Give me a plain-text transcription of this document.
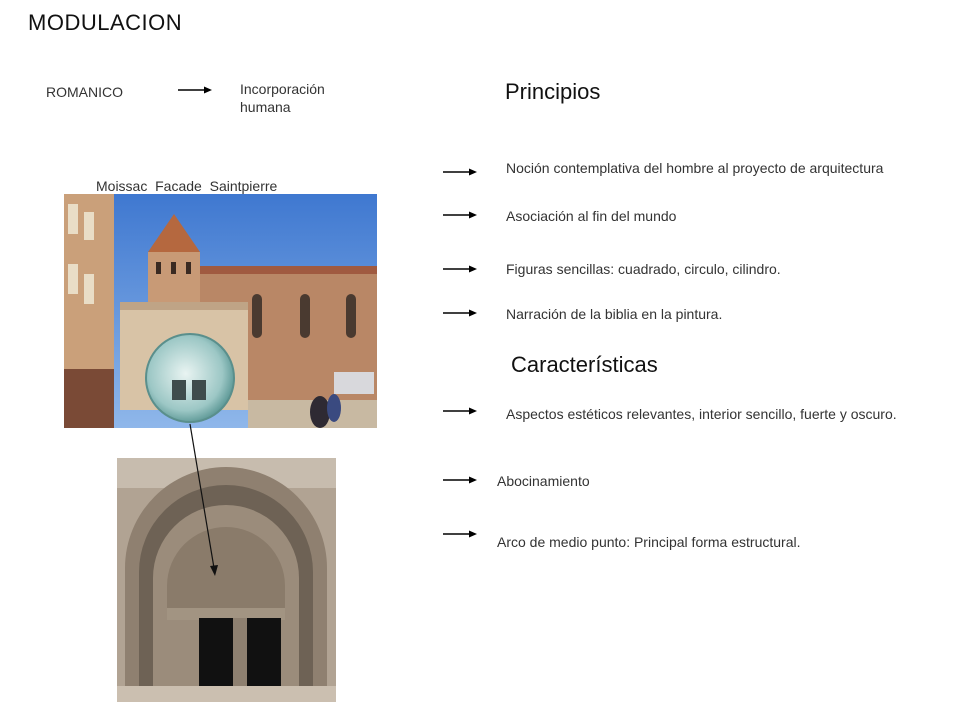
MODULACION
ROMANICO	Incorporación humana
Moissac  Facade  Saintpierre
Principios
Noción contemplativa del hombre al proyecto de arquitectura
Asociación al fin del mundo
Figuras sencillas: cuadrado, circulo, cilindro.
Narración de la biblia en la pintura.
Características
Aspectos estéticos relevantes, interior sencillo, fuerte y oscuro.
Abocinamiento
Arco de medio punto: Principal forma estructural.
